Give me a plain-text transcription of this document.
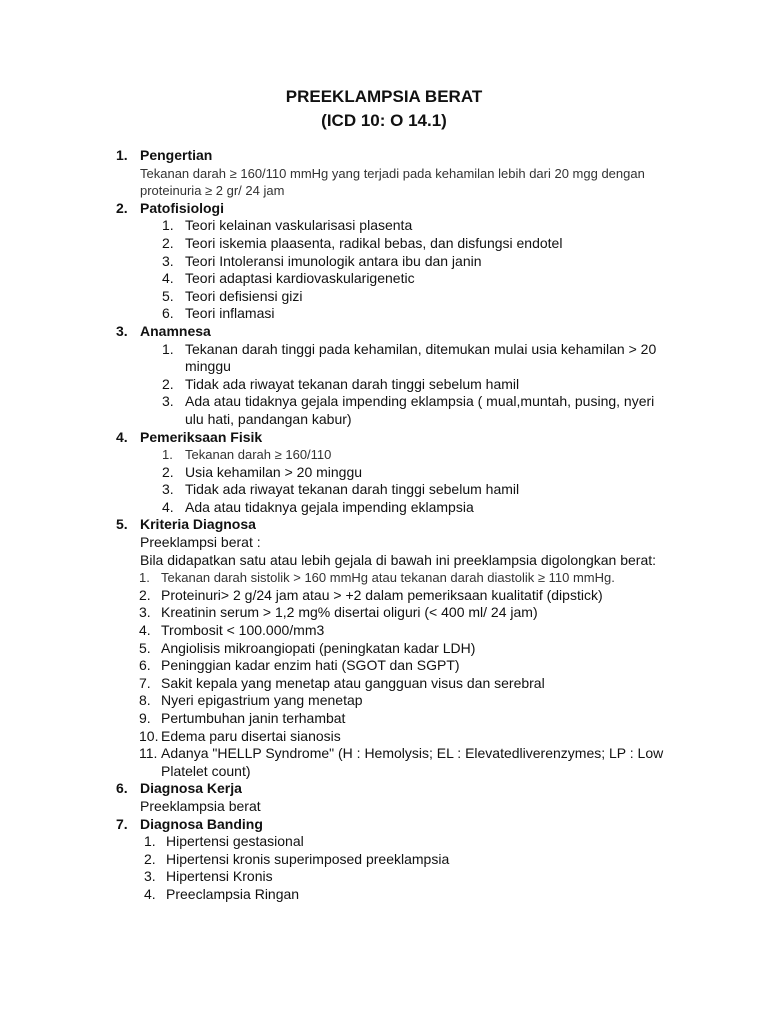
PREEKLAMPSIA BERAT
(ICD 10: O 14.1)
1. Pengertian
Tekanan darah ≥ 160/110 mmHg yang terjadi pada kehamilan lebih dari 20 mgg dengan proteinuria ≥ 2 gr/ 24 jam
2. Patofisiologi
1. Teori kelainan vaskularisasi plasenta
2. Teori iskemia plaasenta, radikal bebas, dan disfungsi endotel
3. Teori Intoleransi imunologik antara ibu dan janin
4. Teori adaptasi kardiovaskularigenetic
5. Teori defisiensi gizi
6. Teori inflamasi
3. Anamnesa
1. Tekanan darah tinggi pada kehamilan, ditemukan mulai usia kehamilan > 20 minggu
2. Tidak ada riwayat tekanan darah tinggi sebelum hamil
3. Ada atau tidaknya gejala impending eklampsia ( mual,muntah, pusing, nyeri ulu hati, pandangan kabur)
4. Pemeriksaan Fisik
1. Tekanan darah ≥ 160/110
2. Usia kehamilan > 20 minggu
3. Tidak ada riwayat tekanan darah tinggi sebelum hamil
4. Ada atau tidaknya gejala impending eklampsia
5. Kriteria Diagnosa
Preeklampsi berat :
Bila didapatkan satu atau lebih gejala di bawah ini preeklampsia digolongkan berat:
1. Tekanan darah sistolik > 160 mmHg atau tekanan darah diastolik ≥ 110 mmHg.
2. Proteinuri> 2 g/24 jam atau > +2 dalam pemeriksaan kualitatif (dipstick)
3. Kreatinin serum > 1,2 mg% disertai oliguri (< 400 ml/ 24 jam)
4. Trombosit < 100.000/mm3
5. Angiolisis mikroangiopati (peningkatan kadar LDH)
6. Peninggian kadar enzim hati (SGOT dan SGPT)
7. Sakit kepala yang menetap atau gangguan visus dan serebral
8. Nyeri epigastrium yang menetap
9. Pertumbuhan janin terhambat
10. Edema paru disertai sianosis
11. Adanya "HELLP Syndrome" (H : Hemolysis; EL : Elevatedliverenzymes; LP : Low Platelet count)
6. Diagnosa Kerja
Preeklampsia berat
7. Diagnosa Banding
1. Hipertensi gestasional
2. Hipertensi kronis superimposed preeklampsia
3. Hipertensi Kronis
4. Preeclampsia Ringan
